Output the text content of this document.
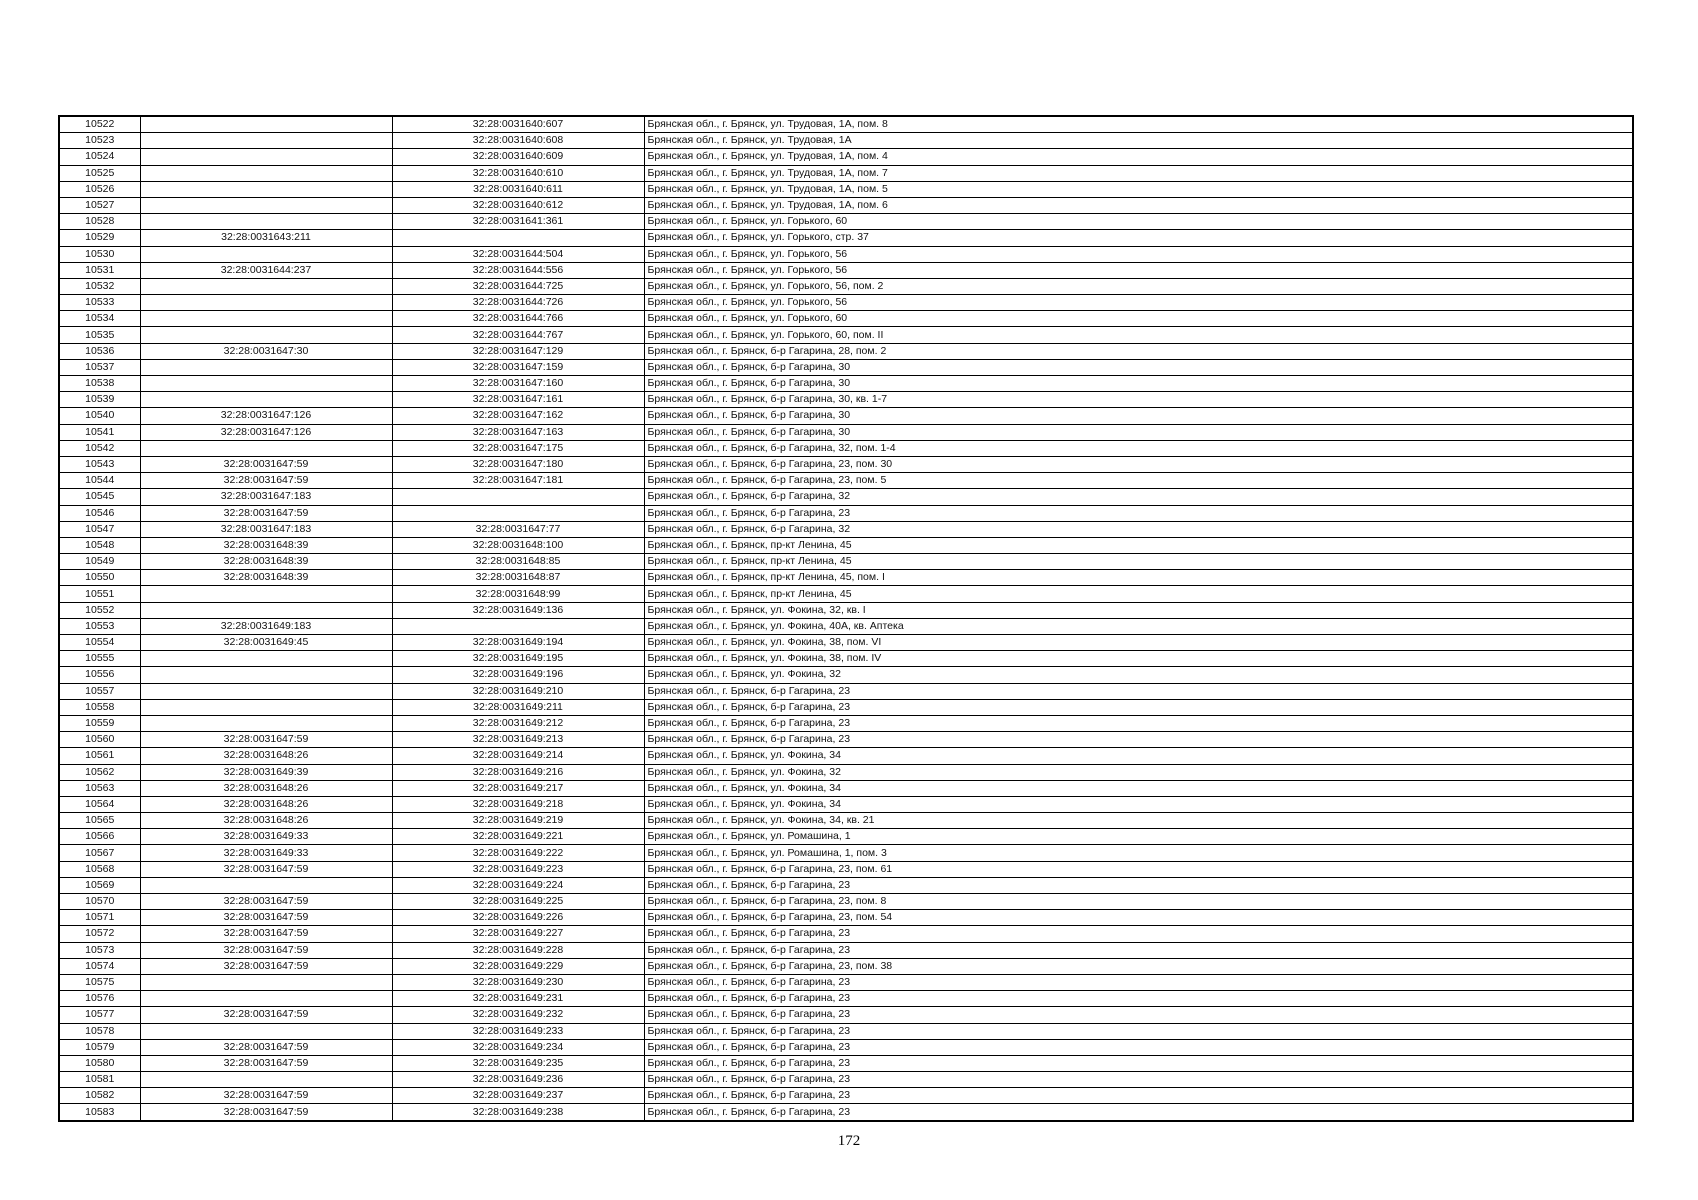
10522		32:28:0031640:607	Брянская обл., г. Брянск, ул. Трудовая, 1А, пом. 8
10523		32:28:0031640:608	Брянская обл., г. Брянск, ул. Трудовая, 1А
10524		32:28:0031640:609	Брянская обл., г. Брянск, ул. Трудовая, 1А, пом. 4
10525		32:28:0031640:610	Брянская обл., г. Брянск, ул. Трудовая, 1А, пом. 7
10526		32:28:0031640:611	Брянская обл., г. Брянск, ул. Трудовая, 1А, пом. 5
10527		32:28:0031640:612	Брянская обл., г. Брянск, ул. Трудовая, 1А, пом. 6
10528		32:28:0031641:361	Брянская обл., г. Брянск, ул. Горького, 60
10529	32:28:0031643:211		Брянская обл., г. Брянск, ул. Горького, стр. 37
10530		32:28:0031644:504	Брянская обл., г. Брянск, ул. Горького, 56
10531	32:28:0031644:237	32:28:0031644:556	Брянская обл., г. Брянск, ул. Горького, 56
10532		32:28:0031644:725	Брянская обл., г. Брянск, ул. Горького, 56, пом. 2
10533		32:28:0031644:726	Брянская обл., г. Брянск, ул. Горького, 56
10534		32:28:0031644:766	Брянская обл., г. Брянск, ул. Горького, 60
10535		32:28:0031644:767	Брянская обл., г. Брянск, ул. Горького, 60, пом. II
10536	32:28:0031647:30	32:28:0031647:129	Брянская обл., г. Брянск, б-р Гагарина, 28, пом. 2
10537		32:28:0031647:159	Брянская обл., г. Брянск, б-р Гагарина, 30
10538		32:28:0031647:160	Брянская обл., г. Брянск, б-р Гагарина, 30
10539		32:28:0031647:161	Брянская обл., г. Брянск, б-р Гагарина, 30, кв. 1-7
10540	32:28:0031647:126	32:28:0031647:162	Брянская обл., г. Брянск, б-р Гагарина, 30
10541	32:28:0031647:126	32:28:0031647:163	Брянская обл., г. Брянск, б-р Гагарина, 30
10542		32:28:0031647:175	Брянская обл., г. Брянск, б-р Гагарина, 32, пом. 1-4
10543	32:28:0031647:59	32:28:0031647:180	Брянская обл., г. Брянск, б-р Гагарина, 23, пом. 30
10544	32:28:0031647:59	32:28:0031647:181	Брянская обл., г. Брянск, б-р Гагарина, 23, пом. 5
10545	32:28:0031647:183		Брянская обл., г. Брянск, б-р Гагарина, 32
10546	32:28:0031647:59		Брянская обл., г. Брянск, б-р Гагарина, 23
10547	32:28:0031647:183	32:28:0031647:77	Брянская обл., г. Брянск, б-р Гагарина, 32
10548	32:28:0031648:39	32:28:0031648:100	Брянская обл., г. Брянск, пр-кт Ленина, 45
10549	32:28:0031648:39	32:28:0031648:85	Брянская обл., г. Брянск, пр-кт Ленина, 45
10550	32:28:0031648:39	32:28:0031648:87	Брянская обл., г. Брянск, пр-кт Ленина, 45, пом. I
10551		32:28:0031648:99	Брянская обл., г. Брянск, пр-кт Ленина, 45
10552		32:28:0031649:136	Брянская обл., г. Брянск, ул. Фокина, 32, кв. I
10553	32:28:0031649:183		Брянская обл., г. Брянск, ул. Фокина, 40А, кв. Аптека
10554	32:28:0031649:45	32:28:0031649:194	Брянская обл., г. Брянск, ул. Фокина, 38, пом. VI
10555		32:28:0031649:195	Брянская обл., г. Брянск, ул. Фокина, 38, пом. IV
10556		32:28:0031649:196	Брянская обл., г. Брянск, ул. Фокина, 32
10557		32:28:0031649:210	Брянская обл., г. Брянск, б-р Гагарина, 23
10558		32:28:0031649:211	Брянская обл., г. Брянск, б-р Гагарина, 23
10559		32:28:0031649:212	Брянская обл., г. Брянск, б-р Гагарина, 23
10560	32:28:0031647:59	32:28:0031649:213	Брянская обл., г. Брянск, б-р Гагарина, 23
10561	32:28:0031648:26	32:28:0031649:214	Брянская обл., г. Брянск, ул. Фокина, 34
10562	32:28:0031649:39	32:28:0031649:216	Брянская обл., г. Брянск, ул. Фокина, 32
10563	32:28:0031648:26	32:28:0031649:217	Брянская обл., г. Брянск, ул. Фокина, 34
10564	32:28:0031648:26	32:28:0031649:218	Брянская обл., г. Брянск, ул. Фокина, 34
10565	32:28:0031648:26	32:28:0031649:219	Брянская обл., г. Брянск, ул. Фокина, 34, кв. 21
10566	32:28:0031649:33	32:28:0031649:221	Брянская обл., г. Брянск, ул. Ромашина, 1
10567	32:28:0031649:33	32:28:0031649:222	Брянская обл., г. Брянск, ул. Ромашина, 1, пом. 3
10568	32:28:0031647:59	32:28:0031649:223	Брянская обл., г. Брянск, б-р Гагарина, 23, пом. 61
10569		32:28:0031649:224	Брянская обл., г. Брянск, б-р Гагарина, 23
10570	32:28:0031647:59	32:28:0031649:225	Брянская обл., г. Брянск, б-р Гагарина, 23, пом. 8
10571	32:28:0031647:59	32:28:0031649:226	Брянская обл., г. Брянск, б-р Гагарина, 23, пом. 54
10572	32:28:0031647:59	32:28:0031649:227	Брянская обл., г. Брянск, б-р Гагарина, 23
10573	32:28:0031647:59	32:28:0031649:228	Брянская обл., г. Брянск, б-р Гагарина, 23
10574	32:28:0031647:59	32:28:0031649:229	Брянская обл., г. Брянск, б-р Гагарина, 23, пом. 38
10575		32:28:0031649:230	Брянская обл., г. Брянск, б-р Гагарина, 23
10576		32:28:0031649:231	Брянская обл., г. Брянск, б-р Гагарина, 23
10577	32:28:0031647:59	32:28:0031649:232	Брянская обл., г. Брянск, б-р Гагарина, 23
10578		32:28:0031649:233	Брянская обл., г. Брянск, б-р Гагарина, 23
10579	32:28:0031647:59	32:28:0031649:234	Брянская обл., г. Брянск, б-р Гагарина, 23
10580	32:28:0031647:59	32:28:0031649:235	Брянская обл., г. Брянск, б-р Гагарина, 23
10581		32:28:0031649:236	Брянская обл., г. Брянск, б-р Гагарина, 23
10582	32:28:0031647:59	32:28:0031649:237	Брянская обл., г. Брянск, б-р Гагарина, 23
10583	32:28:0031647:59	32:28:0031649:238	Брянская обл., г. Брянск, б-р Гагарина, 23
172
